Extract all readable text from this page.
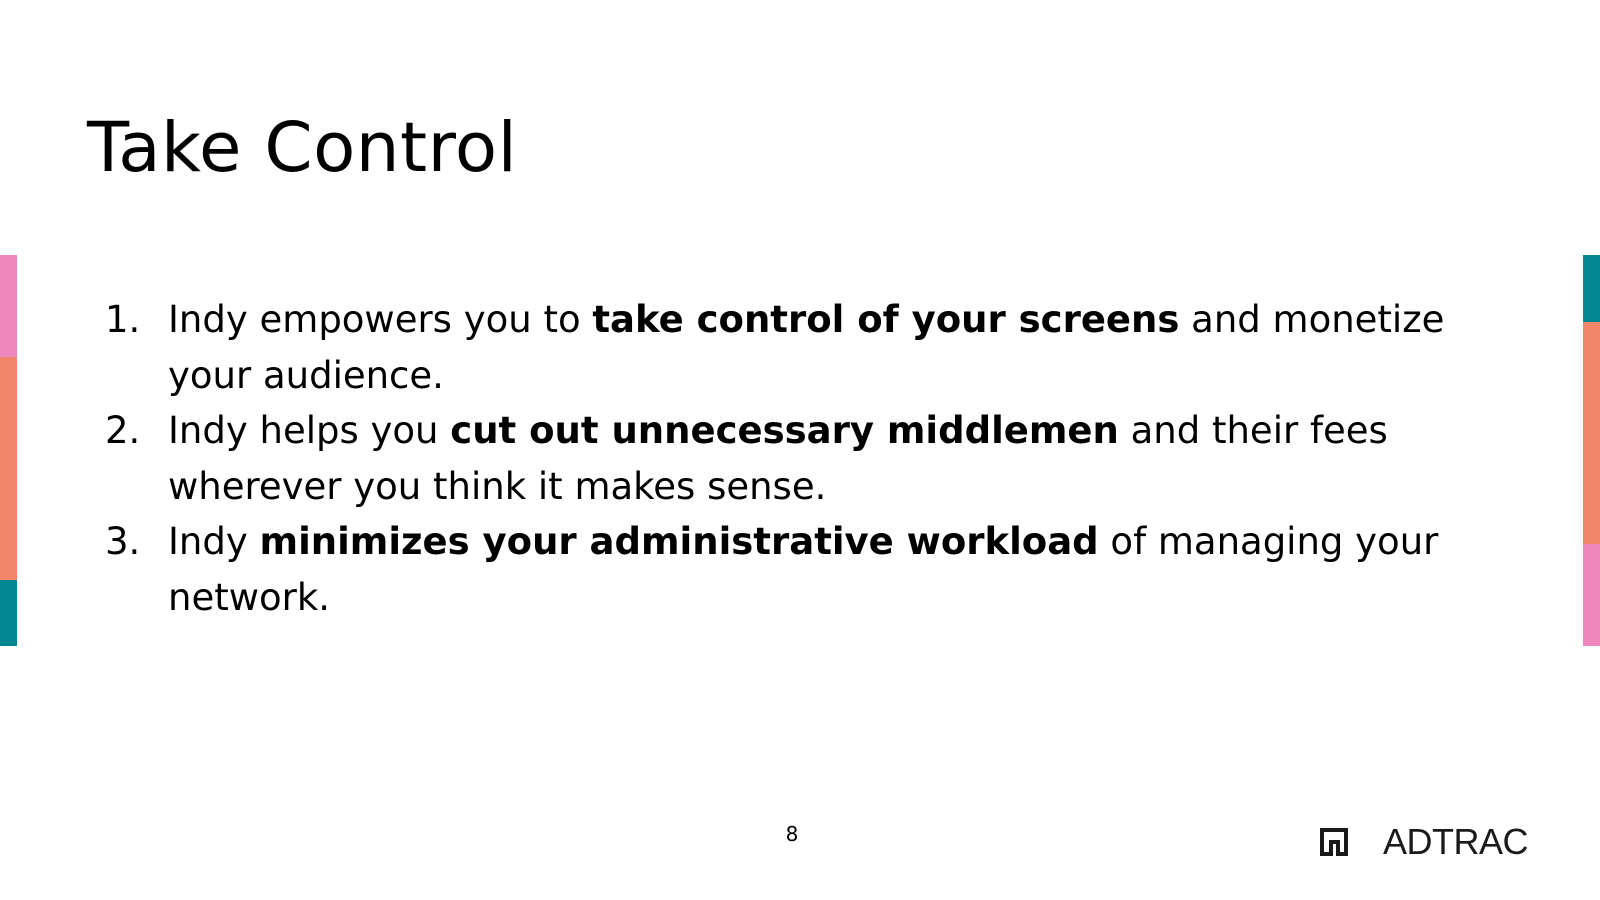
Take Control
1. Indy empowers you to take control of your screens and monetize your audience.
2. Indy helps you cut out unnecessary middlemen and their fees wherever you think it makes sense.
3. Indy minimizes your administrative workload of managing your network.
8	ADTRAC
